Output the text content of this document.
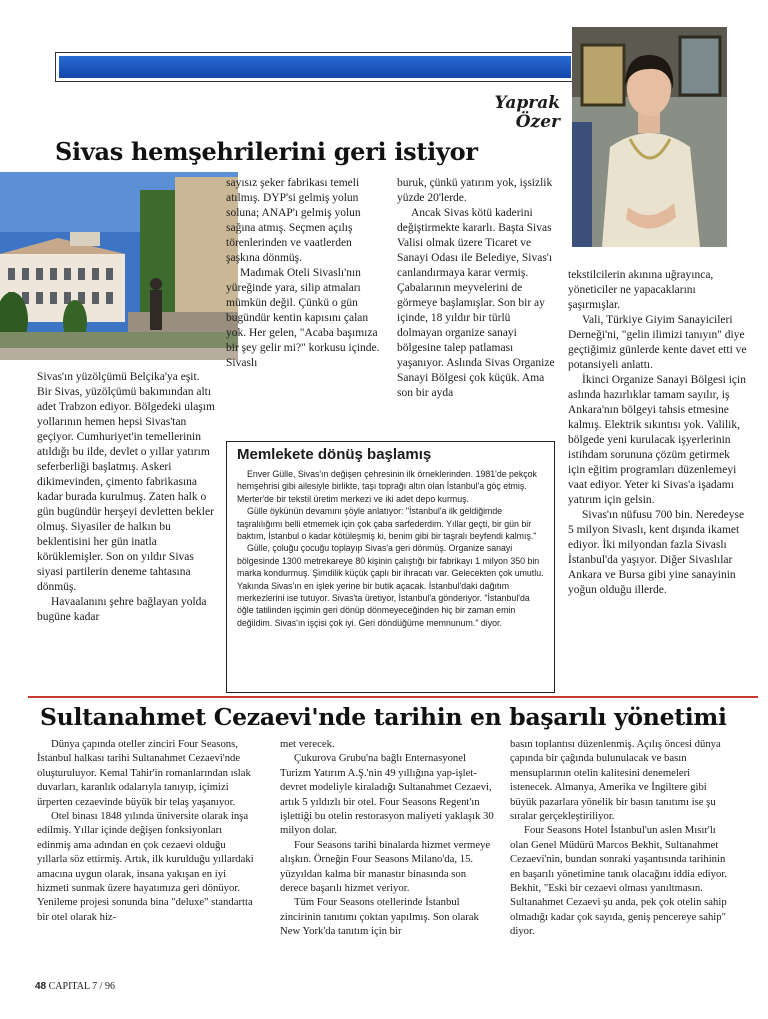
Yaprak
Özer
Sivas hemşehrilerini geri istiyor

Sivas'ın yüzölçümü Belçika'ya eşit. Bir Sivas, yüzölçümü bakımından altı adet Trabzon ediyor. Bölgedeki ulaşım yollarının hemen hepsi Sivas'tan geçiyor. Cumhuriyet'in temellerinin atıldığı bu ilde, devlet o yıllar yatırım seferberliği başlatmış. Askeri dikimevinden, çimento fabrikasına kadar burada kurulmuş. Zaten halk o gün bugündür herşeyi devletten bekler olmuş. Siyasiler de halkın bu beklentisini her gün inatla körüklemişler. Son on yıldır Sivas siyasi partilerin deneme tahtasına dönmüş.

Havaalanını şehre bağlayan yolda bugüne kadar

sayısız şeker fabrikası temeli atılmış. DYP'si gelmiş yolun soluna; ANAP'ı gelmiş yolun sağına atmış. Seçmen açılış törenlerinden ve vaatlerden şaşkına dönmüş.

Madımak Oteli Sivaslı'nın yüreğinde yara, silip atmaları mümkün değil. Çünkü o gün bugündür kentin kapısını çalan yok. Her gelen, "Acaba başımıza bir şey gelir mi?" korkusu içinde. Sivaslı

buruk, çünkü yatırım yok, işsizlik yüzde 20'lerde.

Ancak Sivas kötü kaderini değiştirmekte kararlı. Başta Sivas Valisi olmak üzere Ticaret ve Sanayi Odası ile Belediye, Sivas'ı canlandırmaya karar vermiş. Çabalarının meyvelerini de görmeye başlamışlar. Son bir ay içinde, 18 yıldır bir türlü dolmayan organize sanayi bölgesine talep patlaması yaşanıyor. Aslında Sivas Organize Sanayi Bölgesi çok küçük. Ama son bir ayda

tekstilcilerin akınına uğrayınca, yöneticiler ne yapacaklarını şaşırmışlar.

Vali, Türkiye Giyim Sanayicileri Derneği'ni, "gelin ilimizi tanıyın" diye geçtiğimiz günlerde kente davet etti ve potansiyeli anlattı.

İkinci Organize Sanayi Bölgesi için aslında hazırlıklar tamam sayılır, iş Ankara'nın bölgeyi tahsis etmesine kalmış. Elektrik sıkıntısı yok. Valilik, bölgede yeni kurulacak işyerlerinin istihdam sorununa çözüm getirmek için eğitim programları düzenlemeyi vaat ediyor. Yeter ki Sivas'a işadamı yatırım için gelsin.

Sivas'ın nüfusu 700 bin. Neredeyse 5 milyon Sivaslı, kent dışında ikamet ediyor. İki milyondan fazla Sivaslı İstanbul'da yaşıyor. Diğer Sivaslılar Ankara ve Bursa gibi yine sanayinin yoğun olduğu illerde.

Memlekete dönüş başlamış

Enver Gülle, Sivas'ın değişen çehresinin ilk örneklerinden. 1981'de pekçok hemşehrisi gibi ailesiyle birlikte, taşı toprağı altın olan İstanbul'a göç etmiş. Merter'de bir tekstil üretim merkezi ve iki adet depo kurmuş.

Gülle öykünün devamını şöyle anlatıyor: "İstanbul'a ilk geldiğimde taşralılığımı belli etmemek için çok çaba sarfederdim. Yıllar geçti, bir gün bir baktım, İstanbul o kadar kötüleşmiş ki, benim gibi bir taşralı beyfendi kalmış."

Gülle, çoluğu çocuğu toplayıp Sivas'a geri dönmüş. Organize sanayi bölgesinde 1300 metrekareye 80 kişinin çalıştığı bir fabrikayı 1 milyon 350 bin marka kondurmuş. Şimdilik küçük çaplı bir ihracatı var. Gelecekten çok umutlu. Yakında Sivas'ın en işlek yerine bir butik açacak. İstanbul'daki dağıtım merkezlerini ise tutuyor. Sivas'ta üretiyor, İstanbul'a gönderiyor. "İstanbul'da öğle tatilinden işçimin geri dönüp dönmeyeceğinden hiç bir zaman emin değildim. Sivas'ın işçisi çok iyi. Geri döndüğüme memnunum." diyor.

Sultanahmet Cezaevi'nde tarihin en başarılı yönetimi

Dünya çapında oteller zinciri Four Seasons, İstanbul halkası tarihi Sultanahmet Cezaevi'nde oluşturuluyor. Kemal Tahir'in romanlarından ıslak duvarları, karanlık odalarıyla tanıyıp, içimizi ürperten cezaevinde büyük bir telaş yaşanıyor.

Otel binası 1848 yılında üniversite olarak inşa edilmiş. Yıllar içinde değişen fonksiyonları edinmiş ama adından en çok cezaevi olduğu yıllarla söz ettirmiş. Artık, ilk kurulduğu yıllardaki amacına uygun olarak, insana yakışan en iyi hizmeti sunmak üzere hayatımıza geri dönüyor. Yenileme projesi sonunda bina "deluxe" standartta bir otel olarak hiz-

met verecek.

Çukurova Grubu'na bağlı Enternasyonel Turizm Yatırım A.Ş.'nin 49 yıllığına yap-işlet-devret modeliyle kiraladığı Sultanahmet Cezaevi, artık 5 yıldızlı bir otel. Four Seasons Regent'ın işlettiği bu otelin restorasyon maliyeti yaklaşık 30 milyon dolar.

Four Seasons tarihi binalarda hizmet vermeye alışkın. Örneğin Four Seasons Milano'da, 15. yüzyıldan kalma bir manastır binasında son derece başarılı hizmet veriyor.

Tüm Four Seasons otellerinde İstanbul zincirinin tanıtımı çoktan yapılmış. Son olarak New York'da tanıtım için bir

basın toplantısı düzenlenmiş. Açılış öncesi dünya çapında bir çağında bulunulacak ve basın mensuplarının otelin kalitesini denemeleri istenecek. Almanya, Amerika ve İngiltere gibi büyük pazarlara yönelik bir basın tanıtımı ise şu sıralar gerçekleştiriliyor.

Four Seasons Hotel İstanbul'un aslen Mısır'lı olan Genel Müdürü Marcos Bekhit, Sultanahmet Cezaevi'nin, bundan sonraki yaşantısında tarihinin en başarılı yönetimine tanık olacağını iddia ediyor. Bekhit, "Eski bir cezaevi olması yanıltmasın. Sultanahmet Cezaevi şu anda, pek çok otelin sahip olmadığı kadar çok sayıda, geniş pencereye sahip" diyor.

48 CAPITAL 7 / 96
